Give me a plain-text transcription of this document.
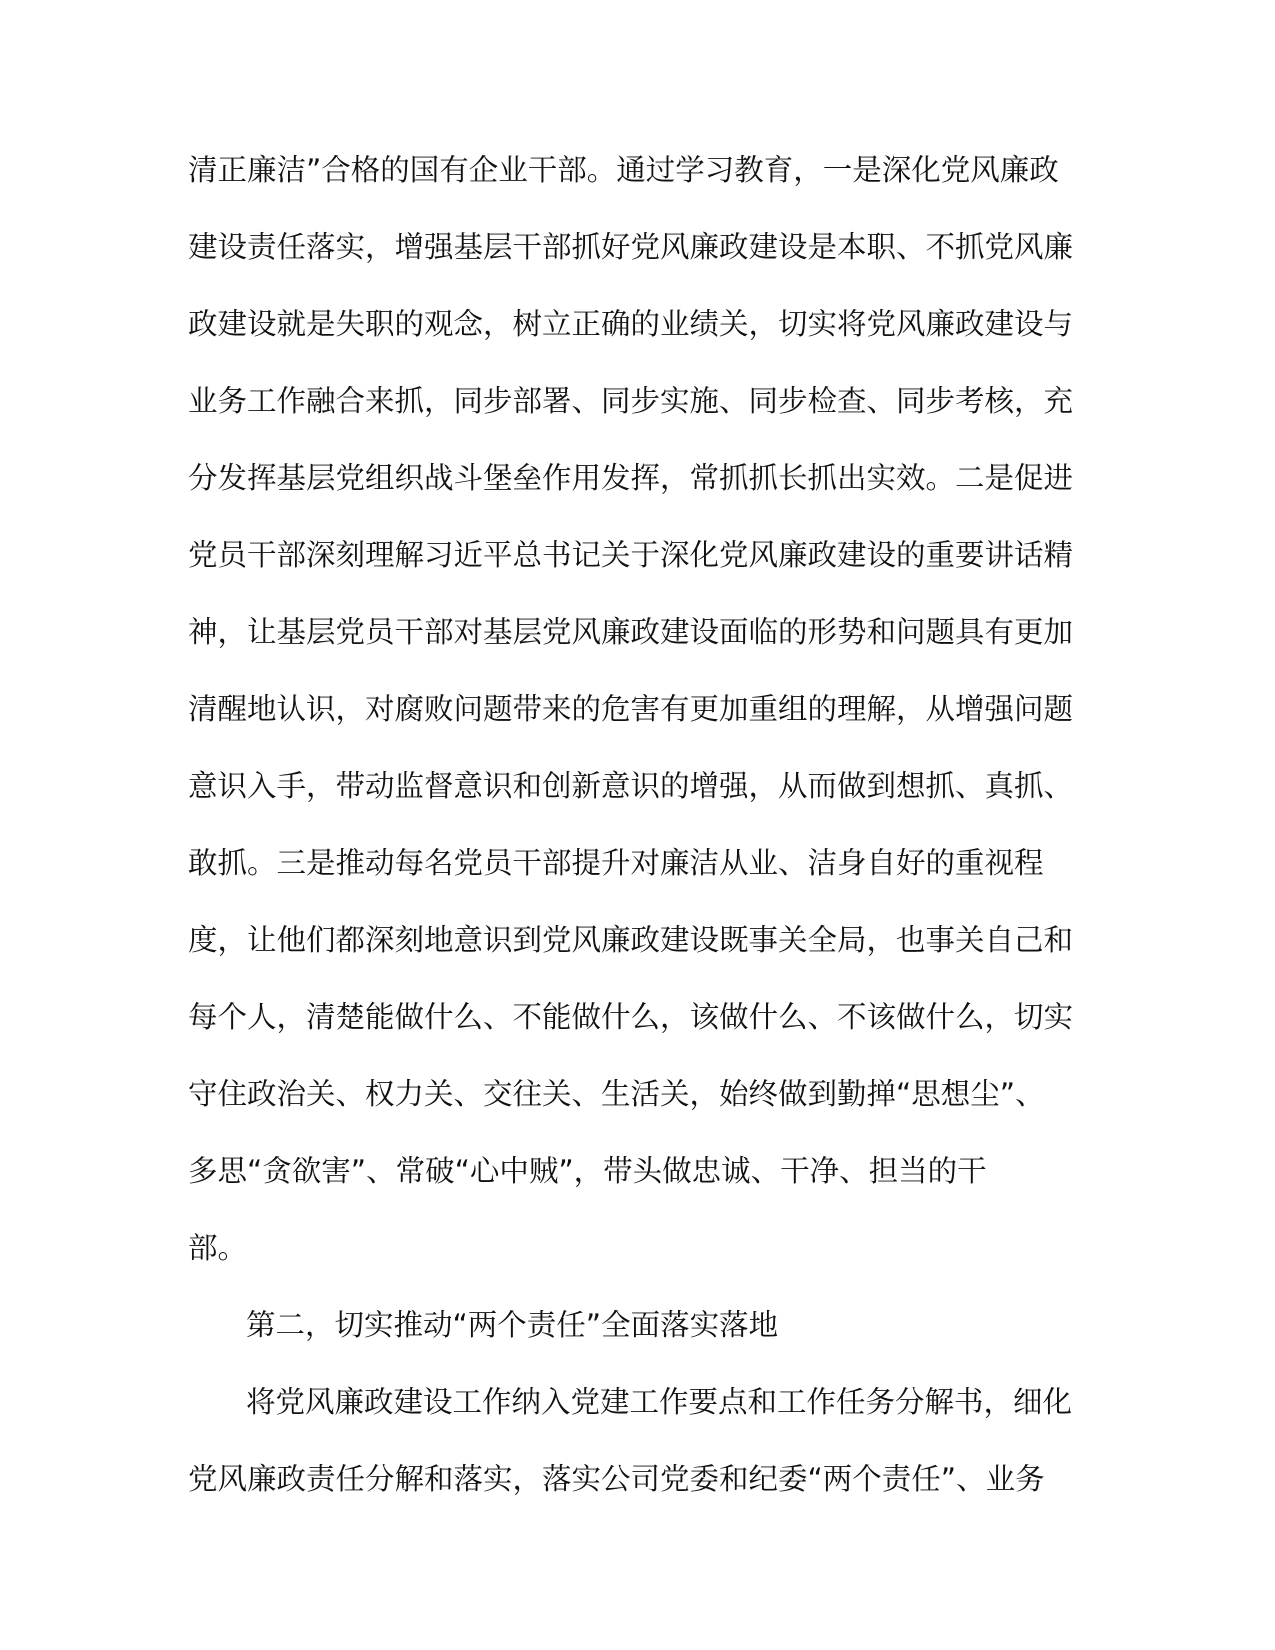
清正廉洁”合格的国有企业干部。通过学习教育，一是深化党风廉政
建设责任落实，增强基层干部抓好党风廉政建设是本职、不抓党风廉
政建设就是失职的观念，树立正确的业绩关，切实将党风廉政建设与
业务工作融合来抓，同步部署、同步实施、同步检查、同步考核，充
分发挥基层党组织战斗堡垒作用发挥，常抓抓长抓出实效。二是促进
党员干部深刻理解习近平总书记关于深化党风廉政建设的重要讲话精
神，让基层党员干部对基层党风廉政建设面临的形势和问题具有更加
清醒地认识，对腐败问题带来的危害有更加重组的理解，从增强问题
意识入手，带动监督意识和创新意识的增强，从而做到想抓、真抓、
敢抓。三是推动每名党员干部提升对廉洁从业、洁身自好的重视程
度，让他们都深刻地意识到党风廉政建设既事关全局，也事关自己和
每个人，清楚能做什么、不能做什么，该做什么、不该做什么，切实
守住政治关、权力关、交往关、生活关，始终做到勤掸“思想尘”、
多思“贪欲害”、常破“心中贼”，带头做忠诚、干净、担当的干
部。
第二，切实推动“两个责任”全面落实落地
将党风廉政建设工作纳入党建工作要点和工作任务分解书，细化
党风廉政责任分解和落实，落实公司党委和纪委“两个责任”、业务
